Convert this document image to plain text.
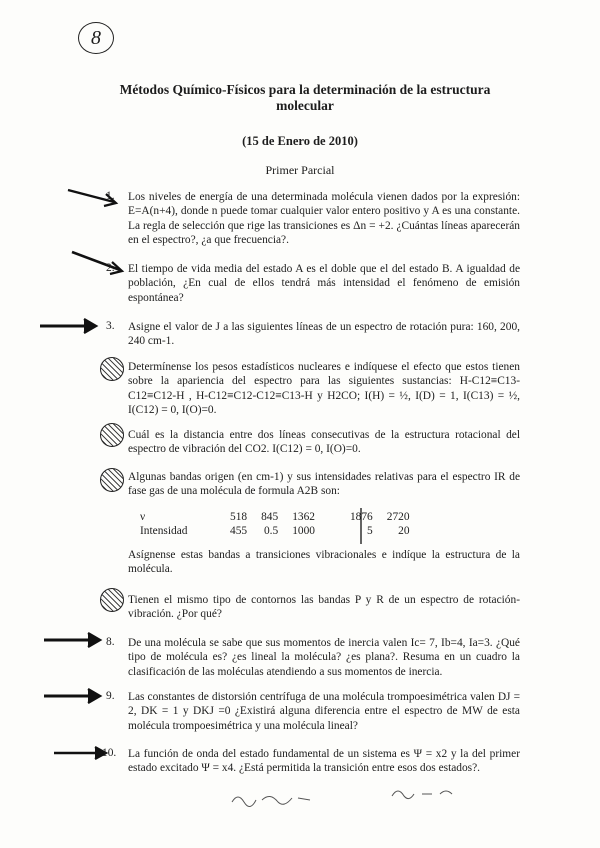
8
Métodos Químico-Físicos para la determinación de la estructura molecular
(15 de Enero de 2010)
Primer Parcial
1. Los niveles de energía de una determinada molécula vienen dados por la expresión: E=A(n+4), donde n puede tomar cualquier valor entero positivo y A es una constante. La regla de selección que rige las transiciones es Δn = +2. ¿Cuántas líneas aparecerán en el espectro?, ¿a que frecuencia?.
2. El tiempo de vida media del estado A es el doble que el del estado B. A igualdad de población, ¿En cual de ellos tendrá más intensidad el fenómeno de emisión espontánea?
3. Asigne el valor de J a las siguientes líneas de un espectro de rotación pura: 160, 200, 240 cm-1.
Determínense los pesos estadísticos nucleares e indíquese el efecto que estos tienen sobre la apariencia del espectro para las siguientes sustancias: H-C12≡C13-C12≡C12-H , H-C12≡C12-C12≡C13-H y H2CO; I(H) = ½, I(D) = 1, I(C13) = ½, I(C12) = 0, I(O)=0.
Cuál es la distancia entre dos líneas consecutivas de la estructura rotacional del espectro de vibración del CO2. I(C12) = 0, I(O)=0.
Algunas bandas origen (en cm-1) y sus intensidades relativas para el espectro IR de fase gas de una molécula de formula A2B son:
ν	518	845	1362	1876	2720
Intensidad	455	0.5	1000	5	20
Asígnense estas bandas a transiciones vibracionales e indíque la estructura de la molécula.
Tienen el mismo tipo de contornos las bandas P y R de un espectro de rotación-vibración. ¿Por qué?
8. De una molécula se sabe que sus momentos de inercia valen Ic= 7, Ib=4, Ia=3. ¿Qué tipo de molécula es? ¿es lineal la molécula? ¿es plana?. Resuma en un cuadro la clasificación de las moléculas atendiendo a sus momentos de inercia.
9. Las constantes de distorsión centrífuga de una molécula trompoesimétrica valen DJ = 2, DK = 1 y DKJ =0 ¿Existirá alguna diferencia entre el espectro de MW de esta molécula trompoesimétrica y una molécula lineal?
10. La función de onda del estado fundamental de un sistema es Ψ = x2 y la del primer estado excitado Ψ = x4. ¿Está permitida la transición entre esos dos estados?.
